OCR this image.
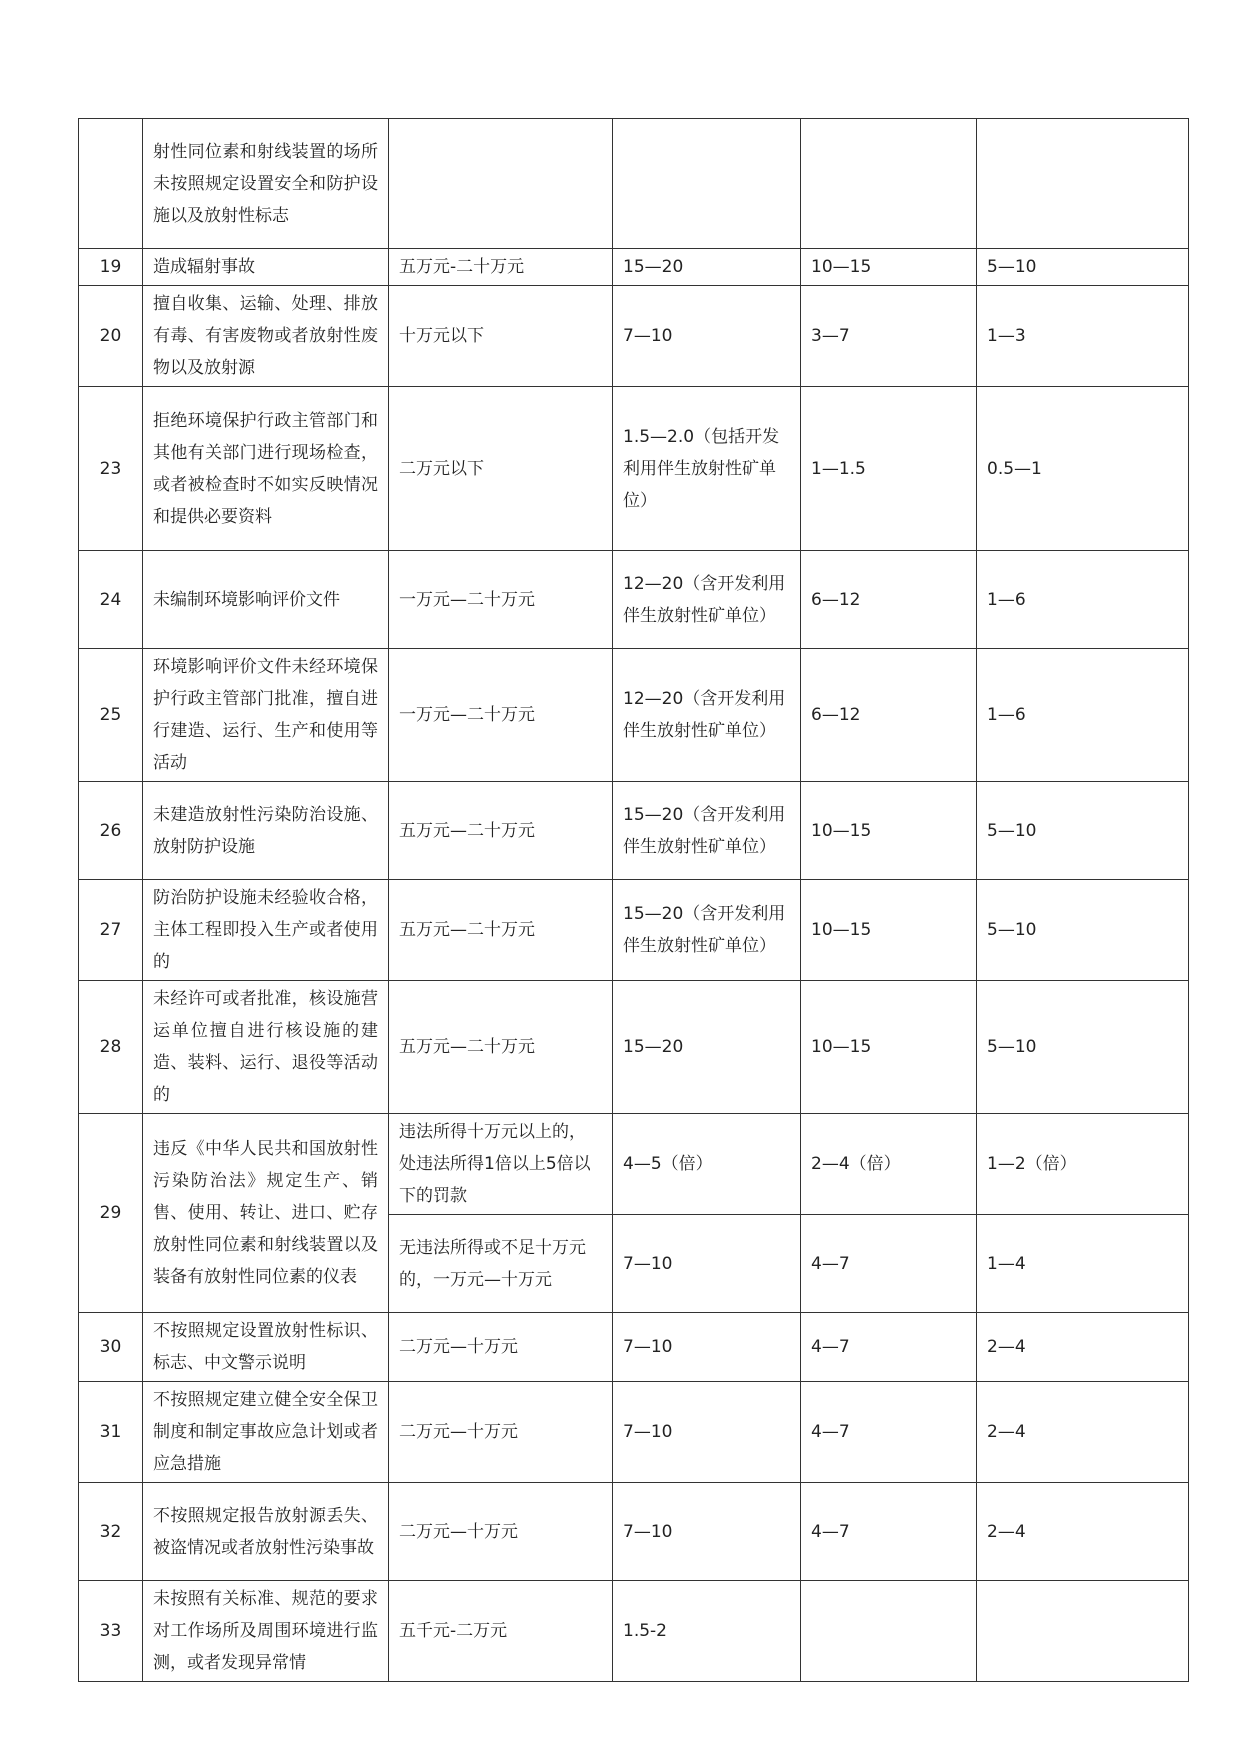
	射性同位素和射线装置的场所未按照规定设置安全和防护设施以及放射性标志				
19	造成辐射事故	五万元-二十万元	15—20	10—15	5—10
20	擅自收集、运输、处理、排放有毒、有害废物或者放射性废物以及放射源	十万元以下	7—10	3—7	1—3
23	拒绝环境保护行政主管部门和其他有关部门进行现场检查，或者被检查时不如实反映情况和提供必要资料	二万元以下	1.5—2.0（包括开发利用伴生放射性矿单位）	1—1.5	0.5—1
24	未编制环境影响评价文件	一万元—二十万元	12—20（含开发利用伴生放射性矿单位）	6—12	1—6
25	环境影响评价文件未经环境保护行政主管部门批准，擅自进行建造、运行、生产和使用等活动	一万元—二十万元	12—20（含开发利用伴生放射性矿单位）	6—12	1—6
26	未建造放射性污染防治设施、放射防护设施	五万元—二十万元	15—20（含开发利用伴生放射性矿单位）	10—15	5—10
27	防治防护设施未经验收合格，主体工程即投入生产或者使用的	五万元—二十万元	15—20（含开发利用伴生放射性矿单位）	10—15	5—10
28	未经许可或者批准，核设施营运单位擅自进行核设施的建造、装料、运行、退役等活动的	五万元—二十万元	15—20	10—15	5—10
29	违反《中华人民共和国放射性污染防治法》规定生产、销售、使用、转让、进口、贮存放射性同位素和射线装置以及装备有放射性同位素的仪表	违法所得十万元以上的，处违法所得1倍以上5倍以下的罚款	4—5（倍）	2—4（倍）	1—2（倍）
		无违法所得或不足十万元的，一万元—十万元	7—10	4—7	1—4
30	不按照规定设置放射性标识、标志、中文警示说明	二万元—十万元	7—10	4—7	2—4
31	不按照规定建立健全安全保卫制度和制定事故应急计划或者应急措施	二万元—十万元	7—10	4—7	2—4
32	不按照规定报告放射源丢失、被盗情况或者放射性污染事故	二万元—十万元	7—10	4—7	2—4
33	未按照有关标准、规范的要求对工作场所及周围环境进行监测，或者发现异常情	五千元-二万元	1.5-2		
